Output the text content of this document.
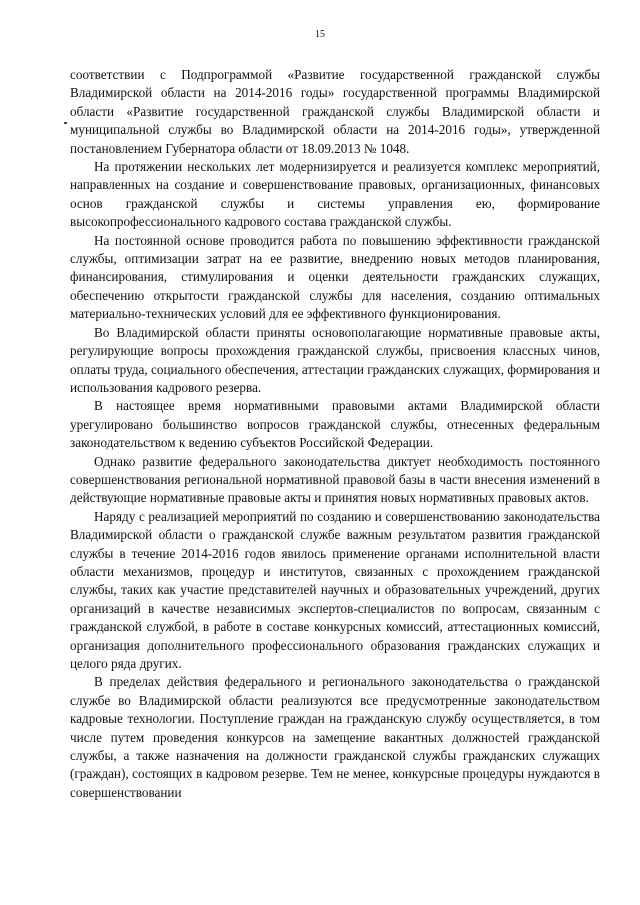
15

соответствии с Подпрограммой «Развитие государственной гражданской службы Владимирской области на 2014-2016 годы» государственной программы Владимирской области «Развитие государственной гражданской службы Владимирской области и муниципальной службы во Владимирской области на 2014-2016 годы», утвержденной постановлением Губернатора области от 18.09.2013 № 1048.

На протяжении нескольких лет модернизируется и реализуется комплекс мероприятий, направленных на создание и совершенствование правовых, организационных, финансовых основ гражданской службы и системы управления ею, формирование высокопрофессионального кадрового состава гражданской службы.

На постоянной основе проводится работа по повышению эффективности гражданской службы, оптимизации затрат на ее развитие, внедрению новых методов планирования, финансирования, стимулирования и оценки деятельности гражданских служащих, обеспечению открытости гражданской службы для населения, созданию оптимальных материально-технических условий для ее эффективного функционирования.

Во Владимирской области приняты основополагающие нормативные правовые акты, регулирующие вопросы прохождения гражданской службы, присвоения классных чинов, оплаты труда, социального обеспечения, аттестации гражданских служащих, формирования и использования кадрового резерва.

В настоящее время нормативными правовыми актами Владимирской области урегулировано большинство вопросов гражданской службы, отнесенных федеральным законодательством к ведению субъектов Российской Федерации.

Однако развитие федерального законодательства диктует необходимость постоянного совершенствования региональной нормативной правовой базы в части внесения изменений в действующие нормативные правовые акты и принятия новых нормативных правовых актов.

Наряду с реализацией мероприятий по созданию и совершенствованию законодательства Владимирской области о гражданской службе важным результатом развития гражданской службы в течение 2014-2016 годов явилось применение органами исполнительной власти области механизмов, процедур и институтов, связанных с прохождением гражданской службы, таких как участие представителей научных и образовательных учреждений, других организаций в качестве независимых экспертов-специалистов по вопросам, связанным с гражданской службой, в работе в составе конкурсных комиссий, аттестационных комиссий, организация дополнительного профессионального образования гражданских служащих и целого ряда других.

В пределах действия федерального и регионального законодательства о гражданской службе во Владимирской области реализуются все предусмотренные законодательством кадровые технологии. Поступление граждан на гражданскую службу осуществляется, в том числе путем проведения конкурсов на замещение вакантных должностей гражданской службы, а также назначения на должности гражданской службы гражданских служащих (граждан), состоящих в кадровом резерве. Тем не менее, конкурсные процедуры нуждаются в совершенствовании
